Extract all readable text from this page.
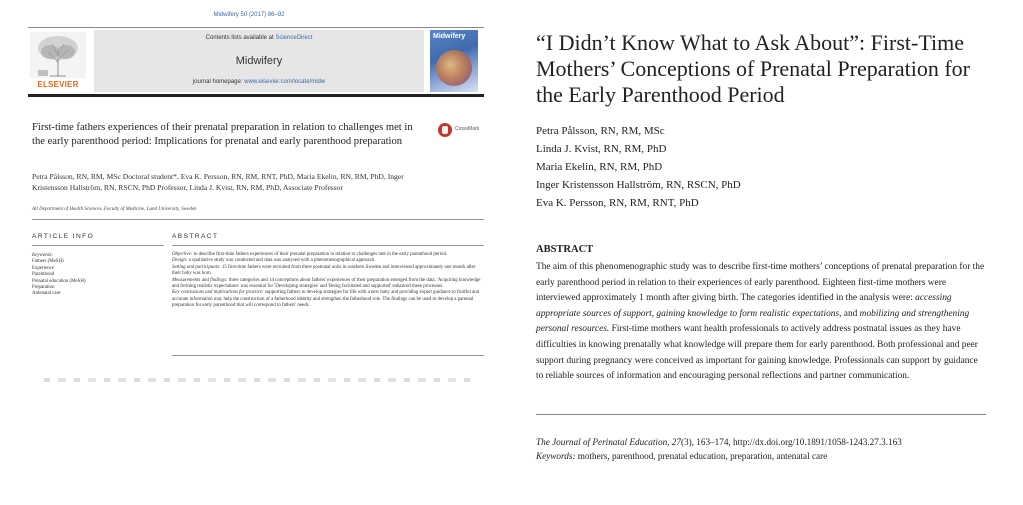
Midwifery 50 (2017) 86–92
ELSEVIER
Contents lists available at ScienceDirect
Midwifery
journal homepage: www.elsevier.com/locate/midw
Midwifery
First-time fathers experiences of their prenatal preparation in relation to challenges met in the early parenthood period: Implications for prenatal and early parenthood preparation
CrossMark
Petra Pålsson, RN, RM, MSc Doctoral student*, Eva K. Persson, RN, RM, RNT, PhD, Maria Ekelin, RN, RM, PhD, Inger Kristensson Hallström, RN, RSCN, PhD Professor, Linda J. Kvist, RN, RM, PhD, Associate Professor
All Department of Health Sciences, Faculty of Medicine, Lund University, Sweden
ARTICLE INFO
Keywords:
Fathers (MeSH)
Experience
Parenthood
Prenatal education (MeSH)
Preparation
Antenatal care
ABSTRACT
Objective: to describe first-time fathers experiences of their prenatal preparation in relation to challenges met in the early parenthood period.
Design: a qualitative study was conducted and data was analysed with a phenomenographical approach.
Setting and participants: 15 first-time fathers were recruited from three postnatal units in southern Sweden and interviewed approximately one month after their baby was born.
Measurements and findings: three categories and 14 conceptions about fathers' experiences of their preparation emerged from the data. 'Acquiring knowledge and forming realistic expectations' was essential for 'Developing strategies' and 'Being facilitated and supported' enhanced these processes.
Key conclusions and implications for practice: supporting fathers to develop strategies for life with a new baby and providing expert guidance to fruitful and accurate information may help the construction of a fatherhood identity and strengthen the fatherhood role. The findings can be used to develop a parental preparation for early parenthood that will correspond to fathers' needs.
“I Didn’t Know What to Ask About”: First-Time Mothers’ Conceptions of Prenatal Preparation for the Early Parenthood Period
Petra Pålsson, RN, RM, MSc
Linda J. Kvist, RN, RM, PhD
Maria Ekelin, RN, RM, PhD
Inger Kristensson Hallström, RN, RSCN, PhD
Eva K. Persson, RN, RM, RNT, PhD
ABSTRACT
The aim of this phenomenographic study was to describe first-time mothers’ conceptions of prenatal preparation for the early parenthood period in relation to their experiences of early parenthood. Eighteen first-time mothers were interviewed approximately 1 month after giving birth. The categories identified in the analysis were: accessing appropriate sources of support, gaining knowledge to form realistic expectations, and mobilizing and strengthening personal resources. First-time mothers want health professionals to actively address postnatal issues as they have difficulties in knowing prenatally what knowledge will prepare them for early parenthood. Both professional and peer support during pregnancy were conceived as important for gaining knowledge. Professionals can support by guidance to reliable sources of information and encouraging personal reflections and partner communication.
The Journal of Perinatal Education, 27(3), 163–174, http://dx.doi.org/10.1891/1058-1243.27.3.163
Keywords: mothers, parenthood, prenatal education, preparation, antenatal care
